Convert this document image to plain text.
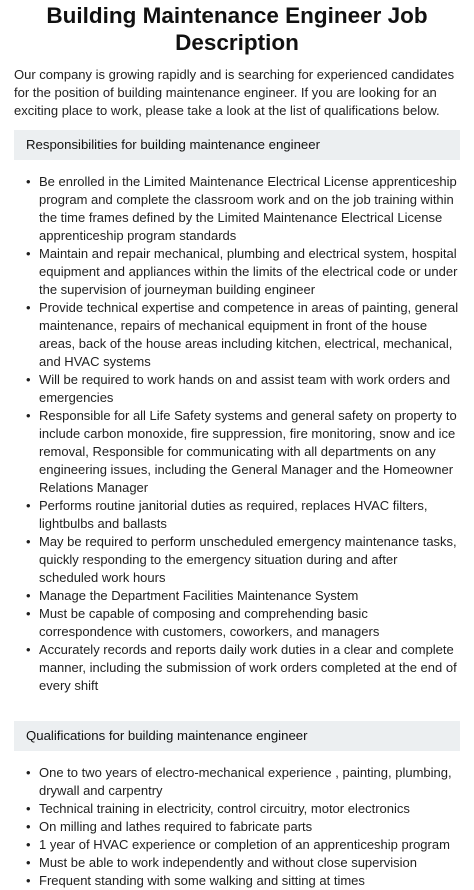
Building Maintenance Engineer Job Description

Our company is growing rapidly and is searching for experienced candidates for the position of building maintenance engineer. If you are looking for an exciting place to work, please take a look at the list of qualifications below.

Responsibilities for building maintenance engineer
• Be enrolled in the Limited Maintenance Electrical License apprenticeship program and complete the classroom work and on the job training within the time frames defined by the Limited Maintenance Electrical License apprenticeship program standards
• Maintain and repair mechanical, plumbing and electrical system, hospital equipment and appliances within the limits of the electrical code or under the supervision of journeyman building engineer
• Provide technical expertise and competence in areas of painting, general maintenance, repairs of mechanical equipment in front of the house areas, back of the house areas including kitchen, electrical, mechanical, and HVAC systems
• Will be required to work hands on and assist team with work orders and emergencies
• Responsible for all Life Safety systems and general safety on property to include carbon monoxide, fire suppression, fire monitoring, snow and ice removal, Responsible for communicating with all departments on any engineering issues, including the General Manager and the Homeowner Relations Manager
• Performs routine janitorial duties as required, replaces HVAC filters, lightbulbs and ballasts
• May be required to perform unscheduled emergency maintenance tasks, quickly responding to the emergency situation during and after scheduled work hours
• Manage the Department Facilities Maintenance System
• Must be capable of composing and comprehending basic correspondence with customers, coworkers, and managers
• Accurately records and reports daily work duties in a clear and complete manner, including the submission of work orders completed at the end of every shift
Qualifications for building maintenance engineer
• One to two years of electro-mechanical experience , painting, plumbing, drywall and carpentry
• Technical training in electricity, control circuitry, motor electronics
• On milling and lathes required to fabricate parts
• 1 year of HVAC experience or completion of an apprenticeship program
• Must be able to work independently and without close supervision
• Frequent standing with some walking and sitting at times
